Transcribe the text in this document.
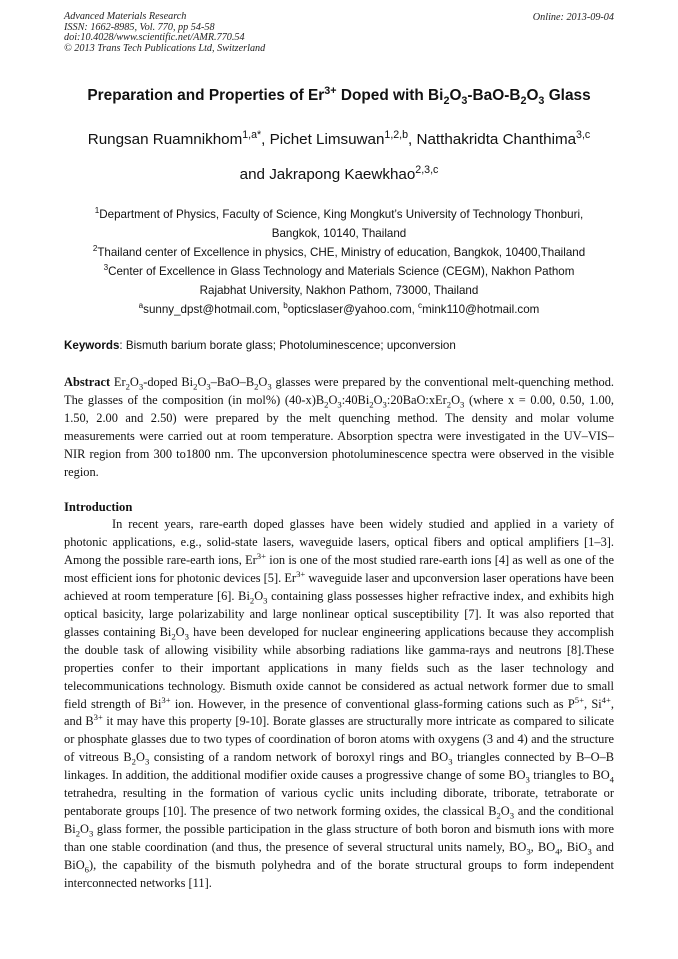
Advanced Materials Research
ISSN: 1662-8985, Vol. 770, pp 54-58
doi:10.4028/www.scientific.net/AMR.770.54
© 2013 Trans Tech Publications Ltd, Switzerland
Online: 2013-09-04
Preparation and Properties of $Er^{3+}$ Doped with $Bi_2O_3-BaO-B_2O_3$ Glass
Rungsan Ruamnikhom$^{1,a*}$, Pichet Limsuwan$^{1,2,b}$, Natthakridta Chanthima$^{3,c}$
and Jakrapong Kaewkhao$^{2,3,c}$
$^1$Department of Physics, Faculty of Science, King Mongkut’s University of Technology Thonburi,
Bangkok, 10140, Thailand
$^2$Thailand center of Excellence in physics, CHE, Ministry of education, Bangkok, 10400,Thailand
$^3$Center of Excellence in Glass Technology and Materials Science (CEGM), Nakhon Pathom
Rajabhat University, Nakhon Pathom, 73000, Thailand
$^a$sunny_dpst@hotmail.com, $^b$opticslaser@yahoo.com, $^c$mink110@hotmail.com
Keywords: Bismuth barium borate glass; Photoluminescence; upconversion
Abstract $Er_2O_3$-doped $Bi_2O_3-BaO-B_2O_3$ glasses were prepared by the conventional melt-quenching method. The glasses of the composition (in mol%) $(40-x)B_2O_3:40Bi_2O_3:20BaO:xEr_2O_3$ (where x = 0.00, 0.50, 1.00, 1.50, 2.00 and 2.50) were prepared by the melt quenching method. The density and molar volume measurements were carried out at room temperature. Absorption spectra were investigated in the UV–VIS–NIR region from 300 to1800 nm. The upconversion photoluminescence spectra were observed in the visible region.
Introduction
In recent years, rare-earth doped glasses have been widely studied and applied in a variety of photonic applications, e.g., solid-state lasers, waveguide lasers, optical fibers and optical amplifiers [1–3]. Among the possible rare-earth ions, $Er^{3+}$ ion is one of the most studied rare-earth ions [4] as well as one of the most efficient ions for photonic devices [5]. $Er^{3+}$ waveguide laser and upconversion laser operations have been achieved at room temperature [6]. $Bi_2O_3$ containing glass possesses higher refractive index, and exhibits high optical basicity, large polarizability and large nonlinear optical susceptibility [7]. It was also reported that glasses containing $Bi_2O_3$ have been developed for nuclear engineering applications because they accomplish the double task of allowing visibility while absorbing radiations like gamma-rays and neutrons [8].These properties confer to their important applications in many fields such as the laser technology and telecommunications technology. Bismuth oxide cannot be considered as actual network former due to small field strength of $Bi^{3+}$ ion. However, in the presence of conventional glass-forming cations such as $P^{5+}$, $Si^{4+}$, and $B^{3+}$ it may have this property [9-10]. Borate glasses are structurally more intricate as compared to silicate or phosphate glasses due to two types of coordination of boron atoms with oxygens (3 and 4) and the structure of vitreous $B_2O_3$ consisting of a random network of boroxyl rings and $BO_3$ triangles connected by B–O–B linkages. In addition, the additional modifier oxide causes a progressive change of some $BO_3$ triangles to $BO_4$ tetrahedra, resulting in the formation of various cyclic units including diborate, triborate, tetraborate or pentaborate groups [10]. The presence of two network forming oxides, the classical $B_2O_3$ and the conditional $Bi_2O_3$ glass former, the possible participation in the glass structure of both boron and bismuth ions with more than one stable coordination (and thus, the presence of several structural units namely, $BO_3$, $BO_4$, BiO$_3$ and BiO$_6$), the capability of the bismuth polyhedra and of the borate structural groups to form independent interconnected networks [11].
